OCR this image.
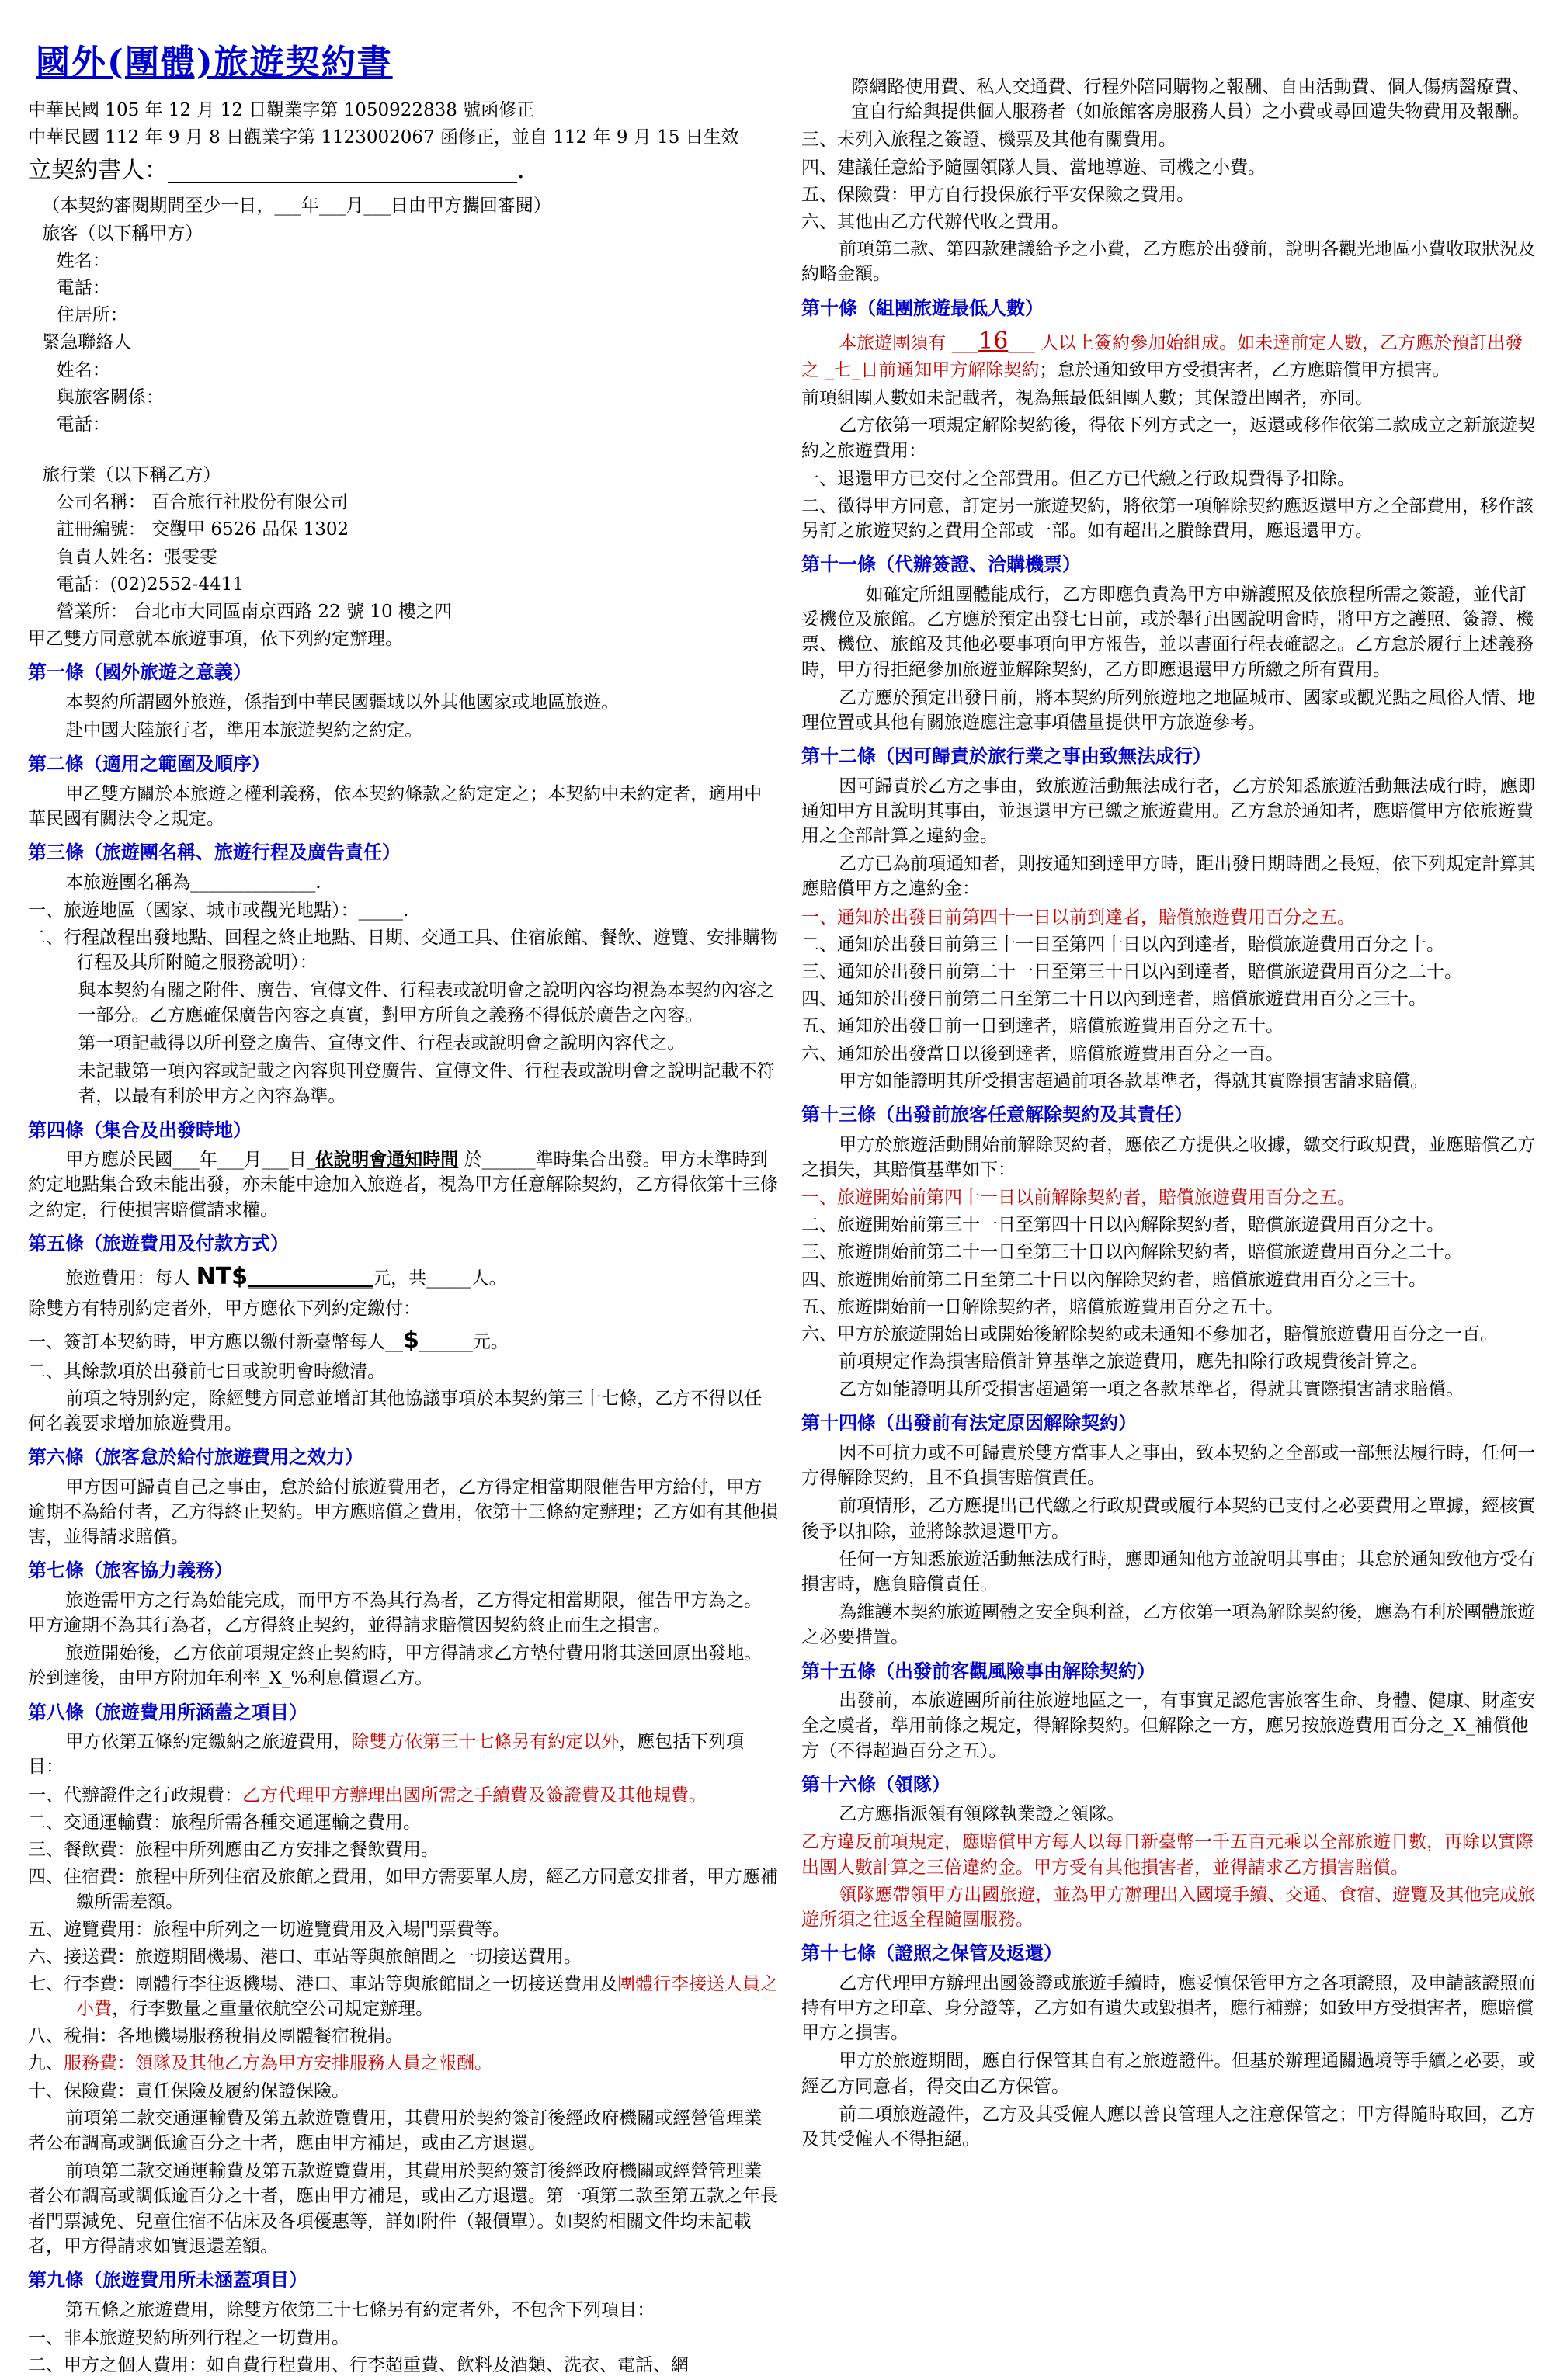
國外(團體)旅遊契約書
中華民國 105 年 12 月 12 日觀業字第 1050922838 號函修正
中華民國 112 年 9 月 8 日觀業字第 1123002067 函修正，並自 112 年 9 月 15 日生效
立契約書人：______________________________.
（本契約審閱期間至少一日，___年___月___日由甲方攜回審閱）
旅客（以下稱甲方）
姓名：
電話：
住居所：
緊急聯絡人
姓名：
與旅客關係：
電話：
旅行業（以下稱乙方）
公司名稱： 百合旅行社股份有限公司
註冊編號： 交觀甲 6526 品保 1302
負責人姓名：張雯雯
電話：(02)2552-4411
營業所： 台北市大同區南京西路 22 號 10 樓之四
甲乙雙方同意就本旅遊事項，依下列約定辦理。
第一條（國外旅遊之意義）
本契約所謂國外旅遊，係指到中華民國疆域以外其他國家或地區旅遊。
赴中國大陸旅行者，準用本旅遊契約之約定。
第二條（適用之範圍及順序）
甲乙雙方關於本旅遊之權利義務，依本契約條款之約定定之；本契約中未約定者，適用中華民國有關法令之規定。
第三條（旅遊團名稱、旅遊行程及廣告責任）
本旅遊團名稱為______________.
一、旅遊地區（國家、城市或觀光地點）：_____.
二、行程啟程出發地點、回程之終止地點、日期、交通工具、住宿旅館、餐飲、遊覽、安排購物行程及其所附隨之服務說明）：
與本契約有關之附件、廣告、宣傳文件、行程表或說明會之說明內容均視為本契約內容之一部分。乙方應確保廣告內容之真實，對甲方所負之義務不得低於廣告之內容。
第一項記載得以所刊登之廣告、宣傳文件、行程表或說明會之說明內容代之。
未記載第一項內容或記載之內容與刊登廣告、宣傳文件、行程表或說明會之說明記載不符者，以最有利於甲方之內容為準。
第四條（集合及出發時地）
甲方應於民國___年___月___日_依說明會通知時間 於______準時集合出發。甲方未準時到約定地點集合致未能出發，亦未能中途加入旅遊者，視為甲方任意解除契約，乙方得依第十三條之約定，行使損害賠償請求權。
第五條（旅遊費用及付款方式）
旅遊費用：每人 NT$______________元，共_____人。
除雙方有特別約定者外，甲方應依下列約定繳付：
一、簽訂本契約時，甲方應以繳付新臺幣每人__$______元。
二、其餘款項於出發前七日或說明會時繳清。
前項之特別約定，除經雙方同意並增訂其他協議事項於本契約第三十七條，乙方不得以任何名義要求增加旅遊費用。
第六條（旅客怠於給付旅遊費用之效力）
甲方因可歸責自己之事由，怠於給付旅遊費用者，乙方得定相當期限催告甲方給付，甲方逾期不為給付者，乙方得終止契約。甲方應賠償之費用，依第十三條約定辦理；乙方如有其他損害，並得請求賠償。
第七條（旅客協力義務）
旅遊需甲方之行為始能完成，而甲方不為其行為者，乙方得定相當期限，催告甲方為之。甲方逾期不為其行為者，乙方得終止契約，並得請求賠償因契約終止而生之損害。
旅遊開始後，乙方依前項規定終止契約時，甲方得請求乙方墊付費用將其送回原出發地。於到達後，由甲方附加年利率_X_%利息償還乙方。
第八條（旅遊費用所涵蓋之項目）
甲方依第五條約定繳納之旅遊費用，除雙方依第三十七條另有約定以外，應包括下列項目：
一、代辦證件之行政規費：乙方代理甲方辦理出國所需之手續費及簽證費及其他規費。
二、交通運輸費：旅程所需各種交通運輸之費用。
三、餐飲費：旅程中所列應由乙方安排之餐飲費用。
四、住宿費：旅程中所列住宿及旅館之費用，如甲方需要單人房，經乙方同意安排者，甲方應補繳所需差額。
五、遊覽費用：旅程中所列之一切遊覽費用及入場門票費等。
六、接送費：旅遊期間機場、港口、車站等與旅館間之一切接送費用。
七、行李費：團體行李往返機場、港口、車站等與旅館間之一切接送費用及團體行李接送人員之小費，行李數量之重量依航空公司規定辦理。
八、稅捐：各地機場服務稅捐及團體餐宿稅捐。
九、服務費：領隊及其他乙方為甲方安排服務人員之報酬。
十、保險費：責任保險及履約保證保險。
前項第二款交通運輸費及第五款遊覽費用，其費用於契約簽訂後經政府機關或經營管理業者公布調高或調低逾百分之十者，應由甲方補足，或由乙方退還。
前項第二款交通運輸費及第五款遊覽費用，其費用於契約簽訂後經政府機關或經營管理業者公布調高或調低逾百分之十者，應由甲方補足，或由乙方退還。第一項第二款至第五款之年長者門票減免、兒童住宿不佔床及各項優惠等，詳如附件（報價單）。如契約相關文件均未記載者，甲方得請求如實退還差額。
第九條（旅遊費用所未涵蓋項目）
第五條之旅遊費用，除雙方依第三十七條另有約定者外，不包含下列項目：
一、非本旅遊契約所列行程之一切費用。
二、甲方之個人費用：如自費行程費用、行李超重費、飲料及酒類、洗衣、電話、網
際網路使用費、私人交通費、行程外陪同購物之報酬、自由活動費、個人傷病醫療費、宜自行給與提供個人服務者（如旅館客房服務人員）之小費或尋回遺失物費用及報酬。
三、未列入旅程之簽證、機票及其他有關費用。
四、建議任意給予隨團領隊人員、當地導遊、司機之小費。
五、保險費：甲方自行投保旅行平安保險之費用。
六、其他由乙方代辦代收之費用。
前項第二款、第四款建議給予之小費，乙方應於出發前，說明各觀光地區小費收取狀況及約略金額。
第十條（組團旅遊最低人數）
本旅遊團須有 ___16___ 人以上簽約參加始組成。如未達前定人數，乙方應於預訂出發之 _七_日前通知甲方解除契約；怠於通知致甲方受損害者，乙方應賠償甲方損害。
前項組團人數如未記載者，視為無最低組團人數；其保證出團者，亦同。
乙方依第一項規定解除契約後，得依下列方式之一，返還或移作依第二款成立之新旅遊契約之旅遊費用：
一、退還甲方已交付之全部費用。但乙方已代繳之行政規費得予扣除。
二、徵得甲方同意，訂定另一旅遊契約，將依第一項解除契約應返還甲方之全部費用，移作該另訂之旅遊契約之費用全部或一部。如有超出之賸餘費用，應退還甲方。
第十一條（代辦簽證、洽購機票）
如確定所組團體能成行，乙方即應負責為甲方申辦護照及依旅程所需之簽證，並代訂妥機位及旅館。乙方應於預定出發七日前，或於舉行出國說明會時，將甲方之護照、簽證、機票、機位、旅館及其他必要事項向甲方報告，並以書面行程表確認之。乙方怠於履行上述義務時，甲方得拒絕參加旅遊並解除契約，乙方即應退還甲方所繳之所有費用。
乙方應於預定出發日前，將本契約所列旅遊地之地區城市、國家或觀光點之風俗人情、地理位置或其他有關旅遊應注意事項儘量提供甲方旅遊參考。
第十二條（因可歸責於旅行業之事由致無法成行）
因可歸責於乙方之事由，致旅遊活動無法成行者，乙方於知悉旅遊活動無法成行時，應即通知甲方且說明其事由，並退還甲方已繳之旅遊費用。乙方怠於通知者，應賠償甲方依旅遊費用之全部計算之違約金。
乙方已為前項通知者，則按通知到達甲方時，距出發日期時間之長短，依下列規定計算其應賠償甲方之違約金：
一、通知於出發日前第四十一日以前到達者，賠償旅遊費用百分之五。
二、通知於出發日前第三十一日至第四十日以內到達者，賠償旅遊費用百分之十。
三、通知於出發日前第二十一日至第三十日以內到達者，賠償旅遊費用百分之二十。
四、通知於出發日前第二日至第二十日以內到達者，賠償旅遊費用百分之三十。
五、通知於出發日前一日到達者，賠償旅遊費用百分之五十。
六、通知於出發當日以後到達者，賠償旅遊費用百分之一百。
甲方如能證明其所受損害超過前項各款基準者，得就其實際損害請求賠償。
第十三條（出發前旅客任意解除契約及其責任）
甲方於旅遊活動開始前解除契約者，應依乙方提供之收據，繳交行政規費，並應賠償乙方之損失，其賠償基準如下：
一、旅遊開始前第四十一日以前解除契約者，賠償旅遊費用百分之五。
二、旅遊開始前第三十一日至第四十日以內解除契約者，賠償旅遊費用百分之十。
三、旅遊開始前第二十一日至第三十日以內解除契約者，賠償旅遊費用百分之二十。
四、旅遊開始前第二日至第二十日以內解除契約者，賠償旅遊費用百分之三十。
五、旅遊開始前一日解除契約者，賠償旅遊費用百分之五十。
六、甲方於旅遊開始日或開始後解除契約或未通知不參加者，賠償旅遊費用百分之一百。
前項規定作為損害賠償計算基準之旅遊費用，應先扣除行政規費後計算之。
乙方如能證明其所受損害超過第一項之各款基準者，得就其實際損害請求賠償。
第十四條（出發前有法定原因解除契約）
因不可抗力或不可歸責於雙方當事人之事由，致本契約之全部或一部無法履行時，任何一方得解除契約，且不負損害賠償責任。
前項情形，乙方應提出已代繳之行政規費或履行本契約已支付之必要費用之單據，經核實後予以扣除，並將餘款退還甲方。
任何一方知悉旅遊活動無法成行時，應即通知他方並說明其事由；其怠於通知致他方受有損害時，應負賠償責任。
為維護本契約旅遊團體之安全與利益，乙方依第一項為解除契約後，應為有利於團體旅遊之必要措置。
第十五條（出發前客觀風險事由解除契約）
出發前，本旅遊團所前往旅遊地區之一，有事實足認危害旅客生命、身體、健康、財產安全之虞者，準用前條之規定，得解除契約。但解除之一方，應另按旅遊費用百分之_X_補償他方（不得超過百分之五）。
第十六條（領隊）
乙方應指派領有領隊執業證之領隊。
乙方違反前項規定，應賠償甲方每人以每日新臺幣一千五百元乘以全部旅遊日數，再除以實際出團人數計算之三倍違約金。甲方受有其他損害者，並得請求乙方損害賠償。
領隊應帶領甲方出國旅遊，並為甲方辦理出入國境手續、交通、食宿、遊覽及其他完成旅遊所須之往返全程隨團服務。
第十七條（證照之保管及返還）
乙方代理甲方辦理出國簽證或旅遊手續時，應妥慎保管甲方之各項證照，及申請該證照而持有甲方之印章、身分證等，乙方如有遺失或毀損者，應行補辦；如致甲方受損害者，應賠償甲方之損害。
甲方於旅遊期間，應自行保管其自有之旅遊證件。但基於辦理通關過境等手續之必要，或經乙方同意者，得交由乙方保管。
前二項旅遊證件，乙方及其受僱人應以善良管理人之注意保管之；甲方得隨時取回，乙方及其受僱人不得拒絕。
